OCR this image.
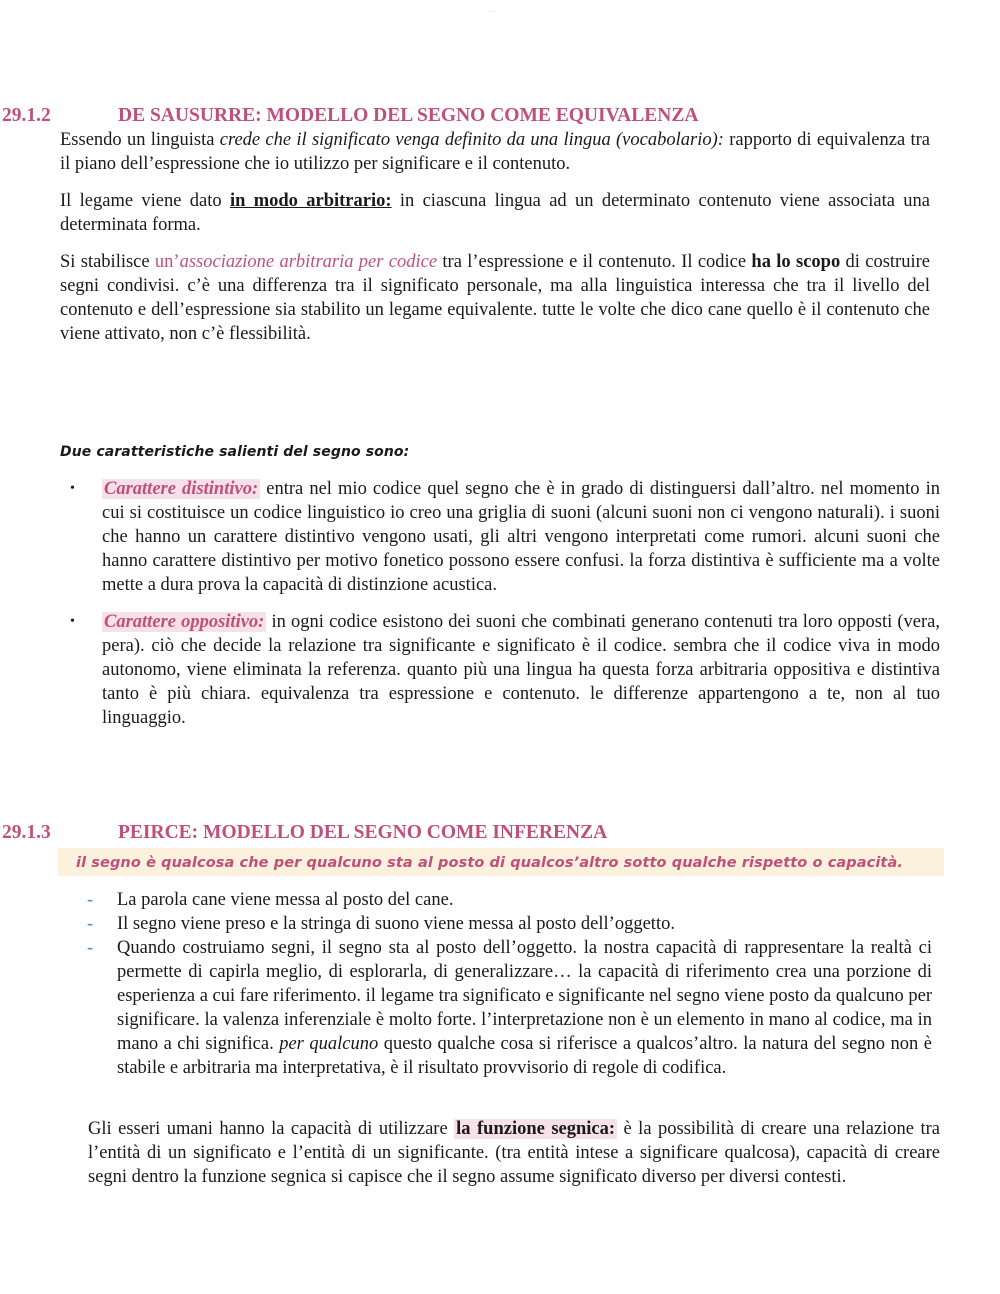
·····
29.1.2	DE SAUSURRE: MODELLO DEL SEGNO COME EQUIVALENZA

Essendo un linguista crede che il significato venga definito da una lingua (vocabolario): rapporto di equivalenza tra il piano dell’espressione che io utilizzo per significare e il contenuto.

Il legame viene dato in modo arbitrario: in ciascuna lingua ad un determinato contenuto viene associata una determinata forma.

Si stabilisce un’associazione arbitraria per codice tra l’espressione e il contenuto. Il codice ha lo scopo di costruire segni condivisi. c’è una differenza tra il significato personale, ma alla linguistica interessa che tra il livello del contenuto e dell’espressione sia stabilito un legame equivalente. tutte le volte che dico cane quello è il contenuto che viene attivato, non c’è flessibilità.

Due caratteristiche salienti del segno sono:
• Carattere distintivo: entra nel mio codice quel segno che è in grado di distinguersi dall’altro. nel momento in cui si costituisce un codice linguistico io creo una griglia di suoni (alcuni suoni non ci vengono naturali). i suoni che hanno un carattere distintivo vengono usati, gli altri vengono interpretati come rumori. alcuni suoni che hanno carattere distintivo per motivo fonetico possono essere confusi. la forza distintiva è sufficiente ma a volte mette a dura prova la capacità di distinzione acustica.
• Carattere oppositivo: in ogni codice esistono dei suoni che combinati generano contenuti tra loro opposti (vera, pera). ciò che decide la relazione tra significante e significato è il codice. sembra che il codice viva in modo autonomo, viene eliminata la referenza. quanto più una lingua ha questa forza arbitraria oppositiva e distintiva tanto è più chiara. equivalenza tra espressione e contenuto. le differenze appartengono a te, non al tuo linguaggio.
29.1.3	PEIRCE: MODELLO DEL SEGNO COME INFERENZA
il segno è qualcosa che per qualcuno sta al posto di qualcos’altro sotto qualche rispetto o capacità.
- La parola cane viene messa al posto del cane.
- Il segno viene preso e la stringa di suono viene messa al posto dell’oggetto.
- Quando costruiamo segni, il segno sta al posto dell’oggetto. la nostra capacità di rappresentare la realtà ci permette di capirla meglio, di esplorarla, di generalizzare… la capacità di riferimento crea una porzione di esperienza a cui fare riferimento. il legame tra significato e significante nel segno viene posto da qualcuno per significare. la valenza inferenziale è molto forte. l’interpretazione non è un elemento in mano al codice, ma in mano a chi significa. per qualcuno questo qualche cosa si riferisce a qualcos’altro. la natura del segno non è stabile e arbitraria ma interpretativa, è il risultato provvisorio di regole di codifica.

Gli esseri umani hanno la capacità di utilizzare la funzione segnica: è la possibilità di creare una relazione tra l’entità di un significato e l’entità di un significante. (tra entità intese a significare qualcosa), capacità di creare segni dentro la funzione segnica si capisce che il segno assume significato diverso per diversi contesti.
